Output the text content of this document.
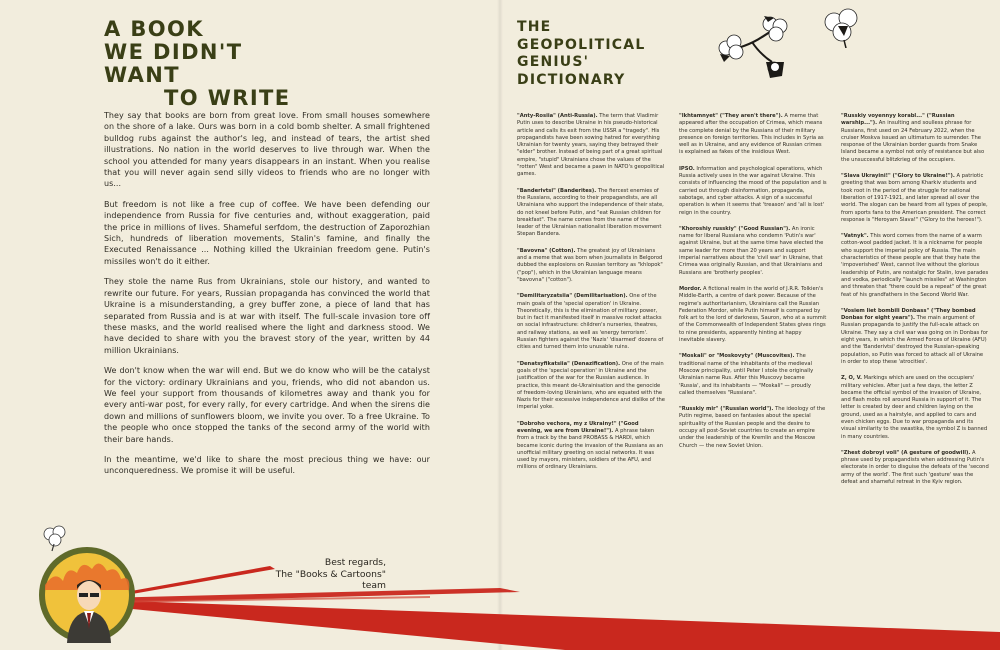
A BOOK
WE DIDN'T WANT
TO WRITE

They say that books are born from great love. From small houses somewhere on the shore of a lake. Ours was born in a cold bomb shelter. A small frightened bulldog rubs against the author's leg, and instead of tears, the artist shed illustrations. No nation in the world deserves to live through war. When the school you attended for many years disappears in an instant. When you realise that you will never again send silly videos to friends who are no longer with us...

But freedom is not like a free cup of coffee. We have been defending our independence from Russia for five centuries and, without exaggeration, paid the price in millions of lives. Shameful serfdom, the destruction of Zaporozhian Sich, hundreds of liberation movements, Stalin's famine, and finally the Executed Renaissance ... Nothing killed the Ukrainian freedom gene. Putin's missiles won't do it either.

They stole the name Rus from Ukrainians, stole our history, and wanted to rewrite our future. For years, Russian propaganda has convinced the world that Ukraine is a misunderstanding, a grey buffer zone, a piece of land that has separated from Russia and is at war with itself. The full-scale invasion tore off these masks, and the world realised where the light and darkness stood. We have decided to share with you the bravest story of the year, written by 44 million Ukrainians.

We don't know when the war will end. But we do know who will be the catalyst for the victory: ordinary Ukrainians and you, friends, who did not abandon us. We feel your support from thousands of kilometres away and thank you for every anti-war post, for every rally, for every cartridge. And when the sirens die down and millions of sunflowers bloom, we invite you over. To a free Ukraine. To the people who once stopped the tanks of the second army of the world with their bare hands.

In the meantime, we'd like to share the most precious thing we have: our unconqueredness. We promise it will be useful.

Best regards,
The "Books & Cartoons"
team
THE
GEOPOLITICAL
GENIUS'
DICTIONARY

"Anty-Rosiia" (Anti-Russia). The term that Vladimir Putin uses to describe Ukraine in his pseudo-historical article and calls its exit from the USSR a "tragedy". His propagandists have been sowing hatred for everything Ukrainian for twenty years, saying they betrayed their "elder" brother. Instead of being part of a great spiritual empire, "stupid" Ukrainians chose the values of the "rotten" West and became a pawn in NATO's geopolitical games.

"Banderivtsi" (Banderites). The fiercest enemies of the Russians, according to their propagandists, are all Ukrainians who support the independence of their state, do not kneel before Putin, and "eat Russian children for breakfast". The name comes from the name of the leader of the Ukrainian nationalist liberation movement Stepan Bandera.

"Bavovna" (Cotton). The greatest joy of Ukrainians and a meme that was born when journalists in Belgorod dubbed the explosions on Russian territory as "khlopok" ("pop"), which in the Ukrainian language means "bavovna" ("cotton").

"Demilitaryzatsiia" (Demilitarisation). One of the main goals of the 'special operation' in Ukraine. Theoretically, this is the elimination of military power, but in fact it manifested itself in massive rocket attacks on social infrastructure: children's nurseries, theatres, and railway stations, as well as 'energy terrorism'. Russian fighters against the 'Nazis' 'disarmed' dozens of cities and turned them into unusable ruins.

"Denatsyfikatsiia" (Denazification). One of the main goals of the 'special operation' in Ukraine and the justification of the war for the Russian audience. In practice, this meant de-Ukrainisation and the genocide of freedom-loving Ukrainians, who are equated with the Nazis for their excessive independence and dislike of the imperial yoke.

"Dobroho vechora, my z Ukrainy!" ("Good evening, we are from Ukraine!"). A phrase taken from a track by the band PROBASS & HARDI, which became iconic during the invasion of the Russians as an unofficial military greeting on social networks. It was used by mayors, ministers, soldiers of the AFU, and millions of ordinary Ukrainians.

"Ikhtamnyet" ("They aren't there"). A meme that appeared after the occupation of Crimea, which means the complete denial by the Russians of their military presence on foreign territories. This includes in Syria as well as in Ukraine, and any evidence of Russian crimes is explained as fakes of the insidious West.

IPSO. Information and psychological operations, which Russia actively uses in the war against Ukraine. This consists of influencing the mood of the population and is carried out through disinformation, propaganda, sabotage, and cyber attacks. A sign of a successful operation is when it seems that 'treason' and 'all is lost' reign in the country.

"Khoroshiy russkiy" ("Good Russian"). An ironic name for liberal Russians who condemn 'Putin's war' against Ukraine, but at the same time have elected the same leader for more than 20 years and support imperial narratives about the 'civil war' in Ukraine, that Crimea was originally Russian, and that Ukrainians and Russians are 'brotherly peoples'.

Mordor. A fictional realm in the world of J.R.R. Tolkien's Middle-Earth, a centre of dark power. Because of the regime's authoritarianism, Ukrainians call the Russian Federation Mordor, while Putin himself is compared by folk art to the lord of darkness, Sauron, who at a summit of the Commonwealth of Independent States gives rings to nine presidents, apparently hinting at happy inevitable slavery.

"Moskali" or "Moskovyty" (Muscovites). The traditional name of the inhabitants of the medieval Moscow principality, until Peter I stole the originally Ukrainian name Rus. After this Muscovy became 'Russia', and its inhabitants — "Moskali" — proudly called themselves "Russians".

"Russkiy mir" ("Russian world"). The ideology of the Putin regime, based on fantasies about the special spirituality of the Russian people and the desire to occupy all post-Soviet countries to create an empire under the leadership of the Kremlin and the Moscow Church — the new Soviet Union.

"Russkiy voyennyy korabl..." ("Russian warship..."). An insulting and soulless phrase for Russians, first used on 24 February 2022, when the cruiser Moskva issued an ultimatum to surrender. The response of the Ukrainian border guards from Snake Island became a symbol not only of resistance but also the unsuccessful blitzkrieg of the occupiers.

"Slava Ukrayini!" ("Glory to Ukraine!"). A patriotic greeting that was born among Kharkiv students and took root in the period of the struggle for national liberation of 1917-1921, and later spread all over the world. The slogan can be heard from all types of people, from sports fans to the American president. The correct response is "Heroyam Slava!" ("Glory to the heroes!").

"Vatnyk". This word comes from the name of a warm cotton-wool padded jacket. It is a nickname for people who support the imperial policy of Russia. The main characteristics of these people are that they hate the 'impoverished' West, cannot live without the glorious leadership of Putin, are nostalgic for Stalin, love parades and vodka, periodically "launch missiles" at Washington and threaten that "there could be a repeat" of the great feat of his grandfathers in the Second World War.

"Vosiem liet bombili Donbass" ("They bombed Donbas for eight years"). The main argument of Russian propaganda to justify the full-scale attack on Ukraine. They say a civil war was going on in Donbas for eight years, in which the Armed Forces of Ukraine (AFU) and the 'Banderivtsi' destroyed the Russian-speaking population, so Putin was forced to attack all of Ukraine in order to stop these 'atrocities'.

Z, O, V. Markings which are used on the occupiers' military vehicles. After just a few days, the letter Z became the official symbol of the invasion of Ukraine, and flash mobs roll around Russia in support of it. The letter is created by deer and children laying on the ground, used as a hairstyle, and applied to cars and even chicken eggs. Due to war propaganda and its visual similarity to the swastika, the symbol Z is banned in many countries.

"Zhest dobroyi voli" (A gesture of goodwill). A phrase used by propagandists when addressing Putin's electorate in order to disguise the defeats of the 'second army of the world'. The first such 'gesture' was the defeat and shameful retreat in the Kyiv region.
